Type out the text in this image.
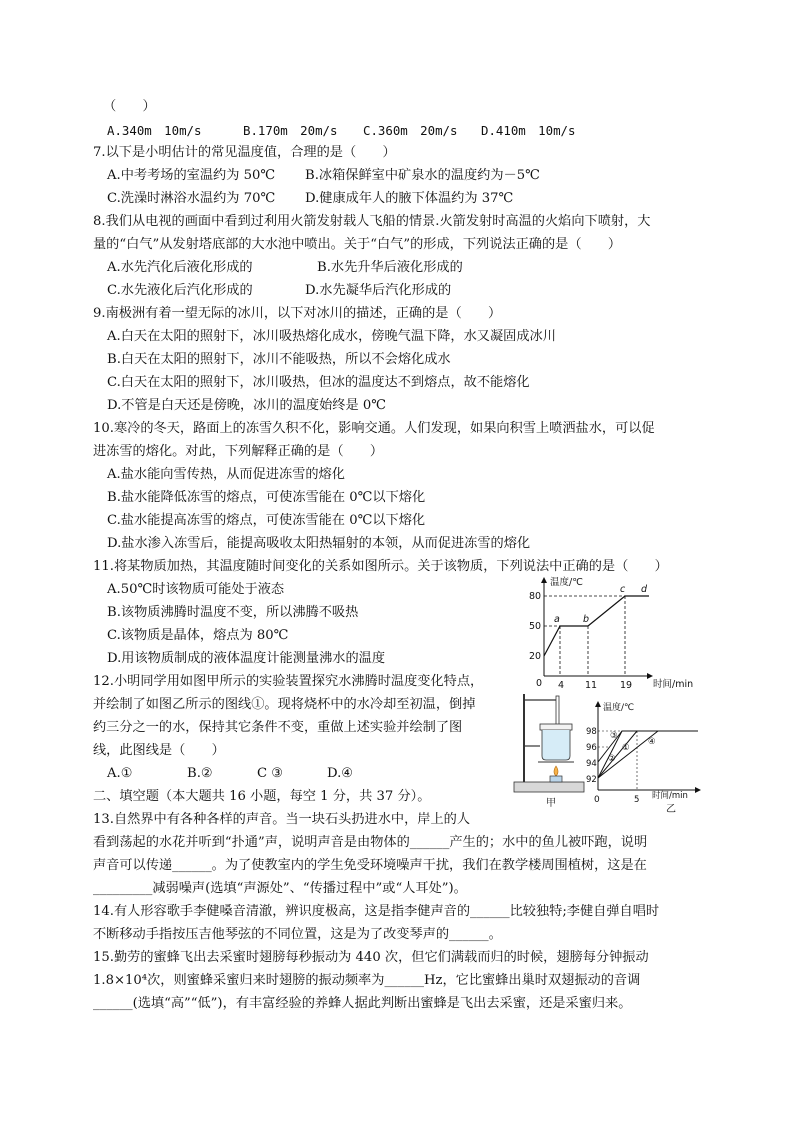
（　　）
A.340m　10m/s	B.170m　20m/s C.360m　20m/s D.410m　10m/s
7.以下是小明估计的常见温度值，合理的是（　　）
A.中考考场的室温约为 50℃ B.冰箱保鲜室中矿泉水的温度约为－5℃
C.洗澡时淋浴水温约为 70℃ D.健康成年人的腋下体温约为 37℃
8.我们从电视的画面中看到过利用火箭发射载人飞船的情景.火箭发射时高温的火焰向下喷射，大
量的“白气”从发射塔底部的大水池中喷出。关于“白气”的形成，下列说法正确的是（　　）
A.水先汽化后液化形成的	B.水先升华后液化形成的
C.水先液化后汽化形成的	D.水先凝华后汽化形成的
9.南极洲有着一望无际的冰川，以下对冰川的描述，正确的是（　　）
A.白天在太阳的照射下，冰川吸热熔化成水，傍晚气温下降，水又凝固成冰川
B.白天在太阳的照射下，冰川不能吸热，所以不会熔化成水
C.白天在太阳的照射下，冰川吸热，但冰的温度达不到熔点，故不能熔化
D.不管是白天还是傍晚，冰川的温度始终是 0℃
10.寒冷的冬天，路面上的冻雪久积不化，影响交通。人们发现，如果向积雪上喷洒盐水，可以促
进冻雪的熔化。对此，下列解释正确的是（　　）
A.盐水能向雪传热，从而促进冻雪的熔化
B.盐水能降低冻雪的熔点，可使冻雪能在 0℃以下熔化
C.盐水能提高冻雪的熔点，可使冻雪能在 0℃以下熔化
D.盐水渗入冻雪后，能提高吸收太阳热辐射的本领，从而促进冻雪的熔化
11.将某物质加热，其温度随时间变化的关系如图所示。关于该物质，下列说法中正确的是（　　）
A.50℃时该物质可能处于液态
B.该物质沸腾时温度不变，所以沸腾不吸热
C.该物质是晶体，熔点为 80℃
D.用该物质制成的液体温度计能测量沸水的温度
温度/℃
时间/min
0
20
50
80
4 11 19
a b
c d
12.小明同学用如图甲所示的实验装置探究水沸腾时温度变化特点，
并绘制了如图乙所示的图线①。现将烧杯中的水冷却至初温，倒掉
约三分之一的水，保持其它条件不变，重做上述实验并绘制了图
线，此图线是（　　）
A.①	B.②	C ③	D.④
甲
温度/℃
时间/min
0
92
94
96
98
5
①
②
③
④
乙
二、填空题（本大题共 16 小题，每空 1 分，共 37 分）。
13.自然界中有各种各样的声音。当一块石头扔进水中，岸上的人
看到荡起的水花并听到“扑通”声，说明声音是由物体的______产生的；水中的鱼儿被吓跑，说明
声音可以传递______。为了使教室内的学生免受环境噪声干扰，我们在教学楼周围植树，这是在
_________减弱噪声(选填“声源处”、“传播过程中”或“人耳处”)。
14.有人形容歌手李健嗓音清澈，辨识度极高，这是指李健声音的______比较独特;李健自弹自唱时
不断移动手指按压吉他琴弦的不同位置，这是为了改变琴声的______。
15.勤劳的蜜蜂飞出去采蜜时翅膀每秒振动为 440 次，但它们满载而归的时候，翅膀每分钟振动
1.8×10⁴次，则蜜蜂采蜜归来时翅膀的振动频率为______Hz，它比蜜蜂出巢时双翅振动的音调
______(选填“高”“低”)，有丰富经验的养蜂人据此判断出蜜蜂是飞出去采蜜，还是采蜜归来。
